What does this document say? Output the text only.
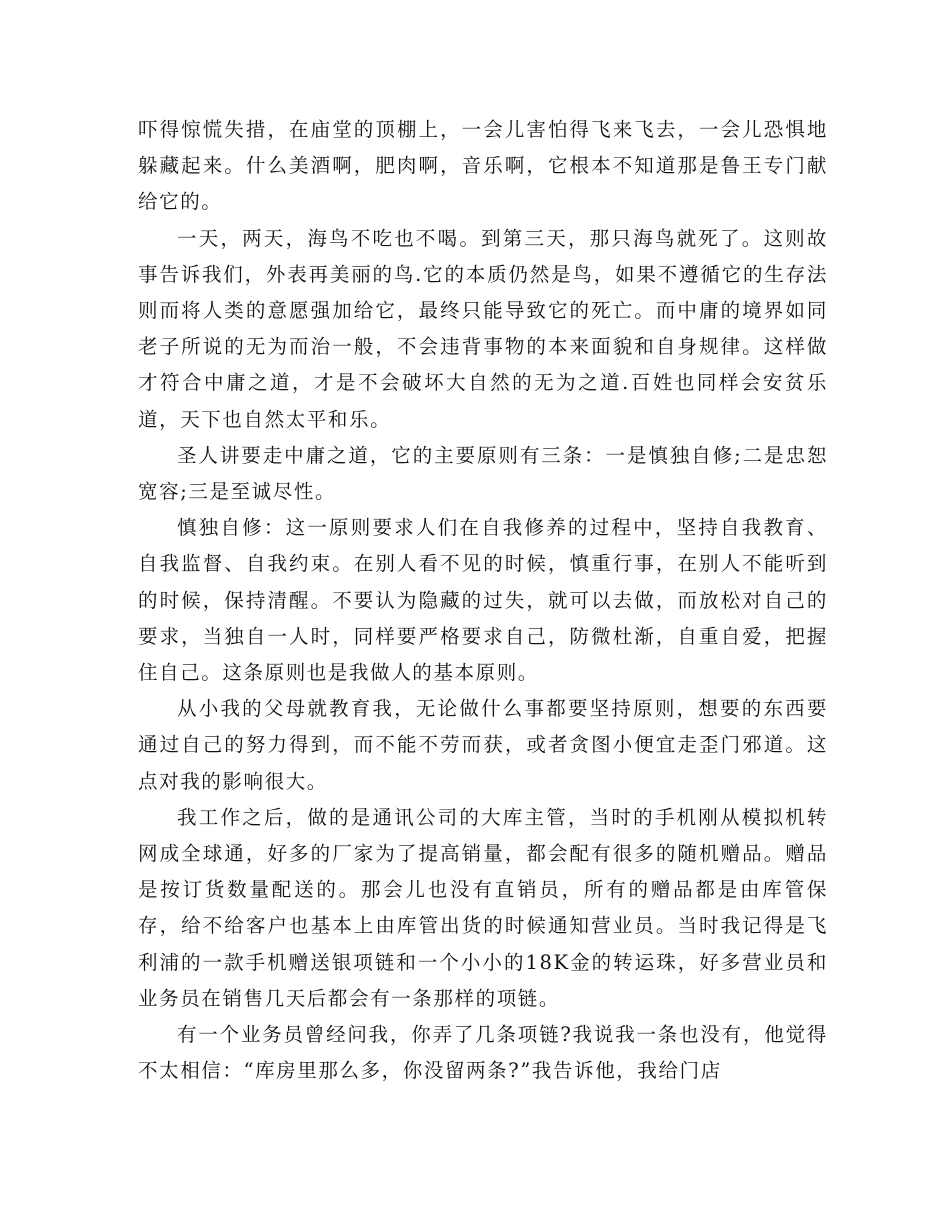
吓得惊慌失措，在庙堂的顶棚上，一会儿害怕得飞来飞去，一会儿恐惧地躲藏起来。什么美酒啊，肥肉啊，音乐啊，它根本不知道那是鲁王专门献给它的。

一天，两天，海鸟不吃也不喝。到第三天，那只海鸟就死了。这则故事告诉我们，外表再美丽的鸟.它的本质仍然是鸟，如果不遵循它的生存法则而将人类的意愿强加给它，最终只能导致它的死亡。而中庸的境界如同老子所说的无为而治一般，不会违背事物的本来面貌和自身规律。这样做才符合中庸之道，才是不会破坏大自然的无为之道.百姓也同样会安贫乐道，天下也自然太平和乐。

圣人讲要走中庸之道，它的主要原则有三条：一是慎独自修;二是忠恕宽容;三是至诚尽性。

慎独自修：这一原则要求人们在自我修养的过程中，坚持自我教育、自我监督、自我约束。在别人看不见的时候，慎重行事，在别人不能听到的时候，保持清醒。不要认为隐藏的过失，就可以去做，而放松对自己的要求，当独自一人时，同样要严格要求自己，防微杜渐，自重自爱，把握住自己。这条原则也是我做人的基本原则。

从小我的父母就教育我，无论做什么事都要坚持原则，想要的东西要通过自己的努力得到，而不能不劳而获，或者贪图小便宜走歪门邪道。这点对我的影响很大。

我工作之后，做的是通讯公司的大库主管，当时的手机刚从模拟机转网成全球通，好多的厂家为了提高销量，都会配有很多的随机赠品。赠品是按订货数量配送的。那会儿也没有直销员，所有的赠品都是由库管保存，给不给客户也基本上由库管出货的时候通知营业员。当时我记得是飞利浦的一款手机赠送银项链和一个小小的18K金的转运珠，好多营业员和业务员在销售几天后都会有一条那样的项链。

有一个业务员曾经问我，你弄了几条项链?我说我一条也没有，他觉得不太相信：“库房里那么多，你没留两条?”我告诉他，我给门店
